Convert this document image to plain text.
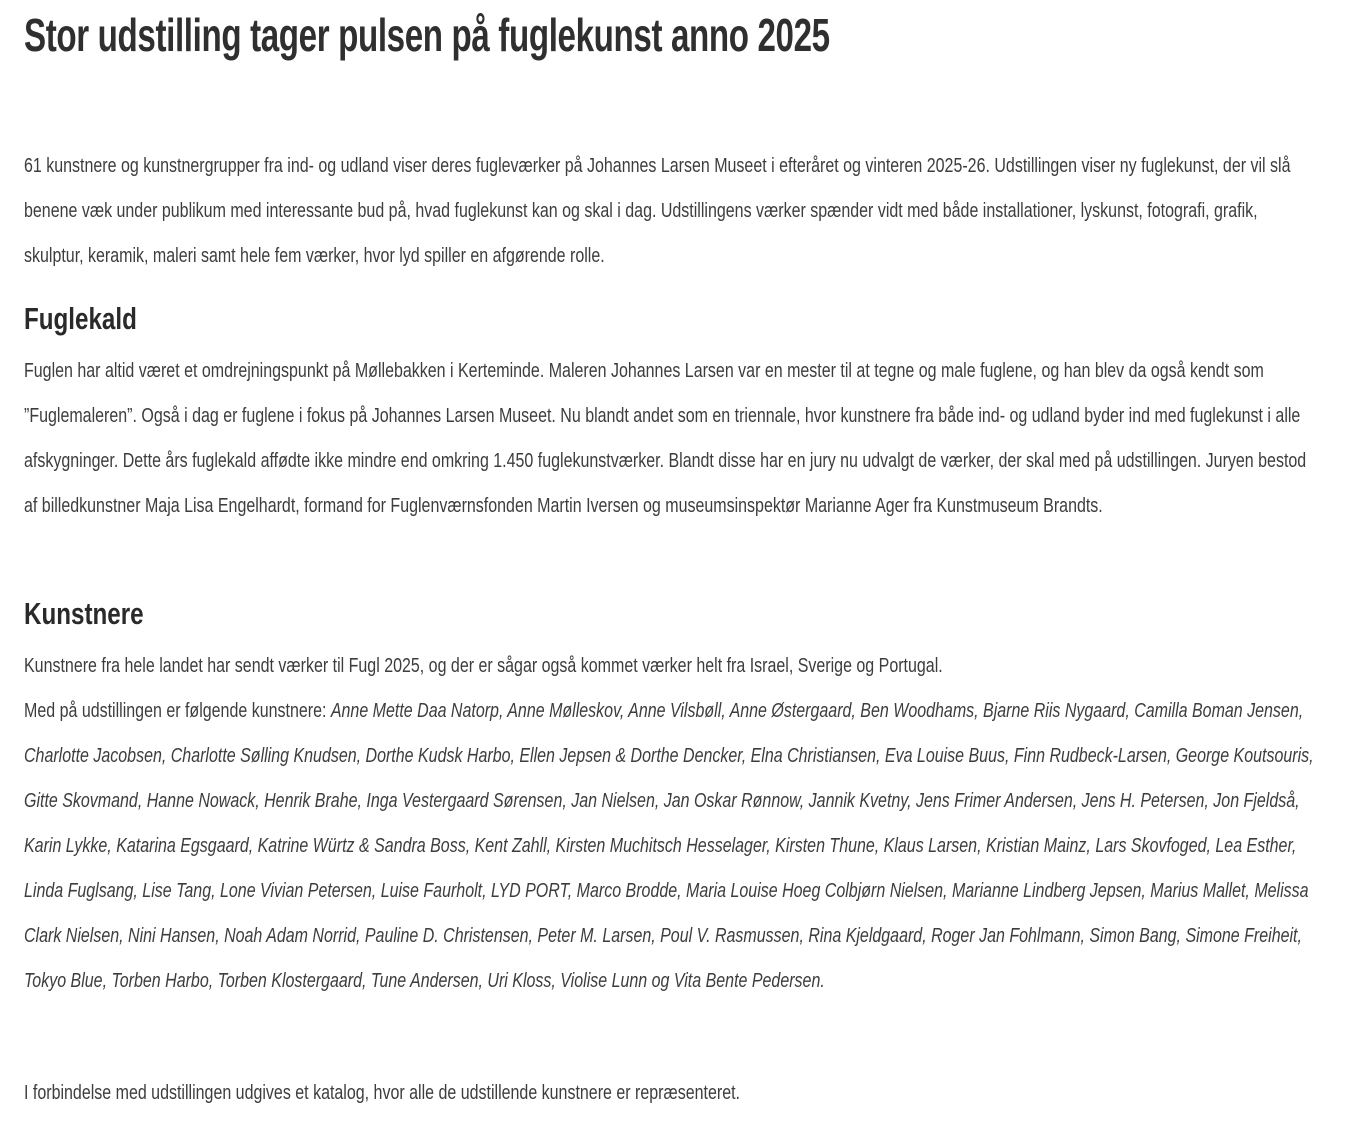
Stor udstilling tager pulsen på fuglekunst anno 2025

61 kunstnere og kunstnergrupper fra ind- og udland viser deres fugleværker på Johannes Larsen Museet i efteråret og vinteren 2025-26. Udstillingen viser ny fuglekunst, der vil slå benene væk under publikum med interessante bud på, hvad fuglekunst kan og skal i dag. Udstillingens værker spænder vidt med både installationer, lyskunst, fotografi, grafik, skulptur, keramik, maleri samt hele fem værker, hvor lyd spiller en afgørende rolle.

Fuglekald

Fuglen har altid været et omdrejningspunkt på Møllebakken i Kerteminde. Maleren Johannes Larsen var en mester til at tegne og male fuglene, og han blev da også kendt som ”Fuglemaleren”. Også i dag er fuglene i fokus på Johannes Larsen Museet. Nu blandt andet som en triennale, hvor kunstnere fra både ind- og udland byder ind med fuglekunst i alle afskygninger. Dette års fuglekald affødte ikke mindre end omkring 1.450 fuglekunstværker. Blandt disse har en jury nu udvalgt de værker, der skal med på udstillingen. Juryen bestod af billedkunstner Maja Lisa Engelhardt, formand for Fuglenværnsfonden Martin Iversen og museumsinspektør Marianne Ager fra Kunstmuseum Brandts.

Kunstnere

Kunstnere fra hele landet har sendt værker til Fugl 2025, og der er sågar også kommet værker helt fra Israel, Sverige og Portugal.

Med på udstillingen er følgende kunstnere: Anne Mette Daa Natorp, Anne Mølleskov, Anne Vilsbøll, Anne Østergaard, Ben Woodhams, Bjarne Riis Nygaard, Camilla Boman Jensen, Charlotte Jacobsen, Charlotte Sølling Knudsen, Dorthe Kudsk Harbo, Ellen Jepsen & Dorthe Dencker, Elna Christiansen, Eva Louise Buus, Finn Rudbeck-Larsen, George Koutsouris, Gitte Skovmand, Hanne Nowack, Henrik Brahe, Inga Vestergaard Sørensen, Jan Nielsen, Jan Oskar Rønnow, Jannik Kvetny, Jens Frimer Andersen, Jens H. Petersen, Jon Fjeldså, Karin Lykke, Katarina Egsgaard, Katrine Würtz & Sandra Boss, Kent Zahll, Kirsten Muchitsch Hesselager, Kirsten Thune, Klaus Larsen, Kristian Mainz, Lars Skovfoged, Lea Esther, Linda Fuglsang, Lise Tang, Lone Vivian Petersen, Luise Faurholt, LYD PORT, Marco Brodde, Maria Louise Hoeg Colbjørn Nielsen, Marianne Lindberg Jepsen, Marius Mallet, Melissa Clark Nielsen, Nini Hansen, Noah Adam Norrid, Pauline D. Christensen, Peter M. Larsen, Poul V. Rasmussen, Rina Kjeldgaard, Roger Jan Fohlmann, Simon Bang, Simone Freiheit, Tokyo Blue, Torben Harbo, Torben Klostergaard, Tune Andersen, Uri Kloss, Violise Lunn og Vita Bente Pedersen.

I forbindelse med udstillingen udgives et katalog, hvor alle de udstillende kunstnere er repræsenteret.
